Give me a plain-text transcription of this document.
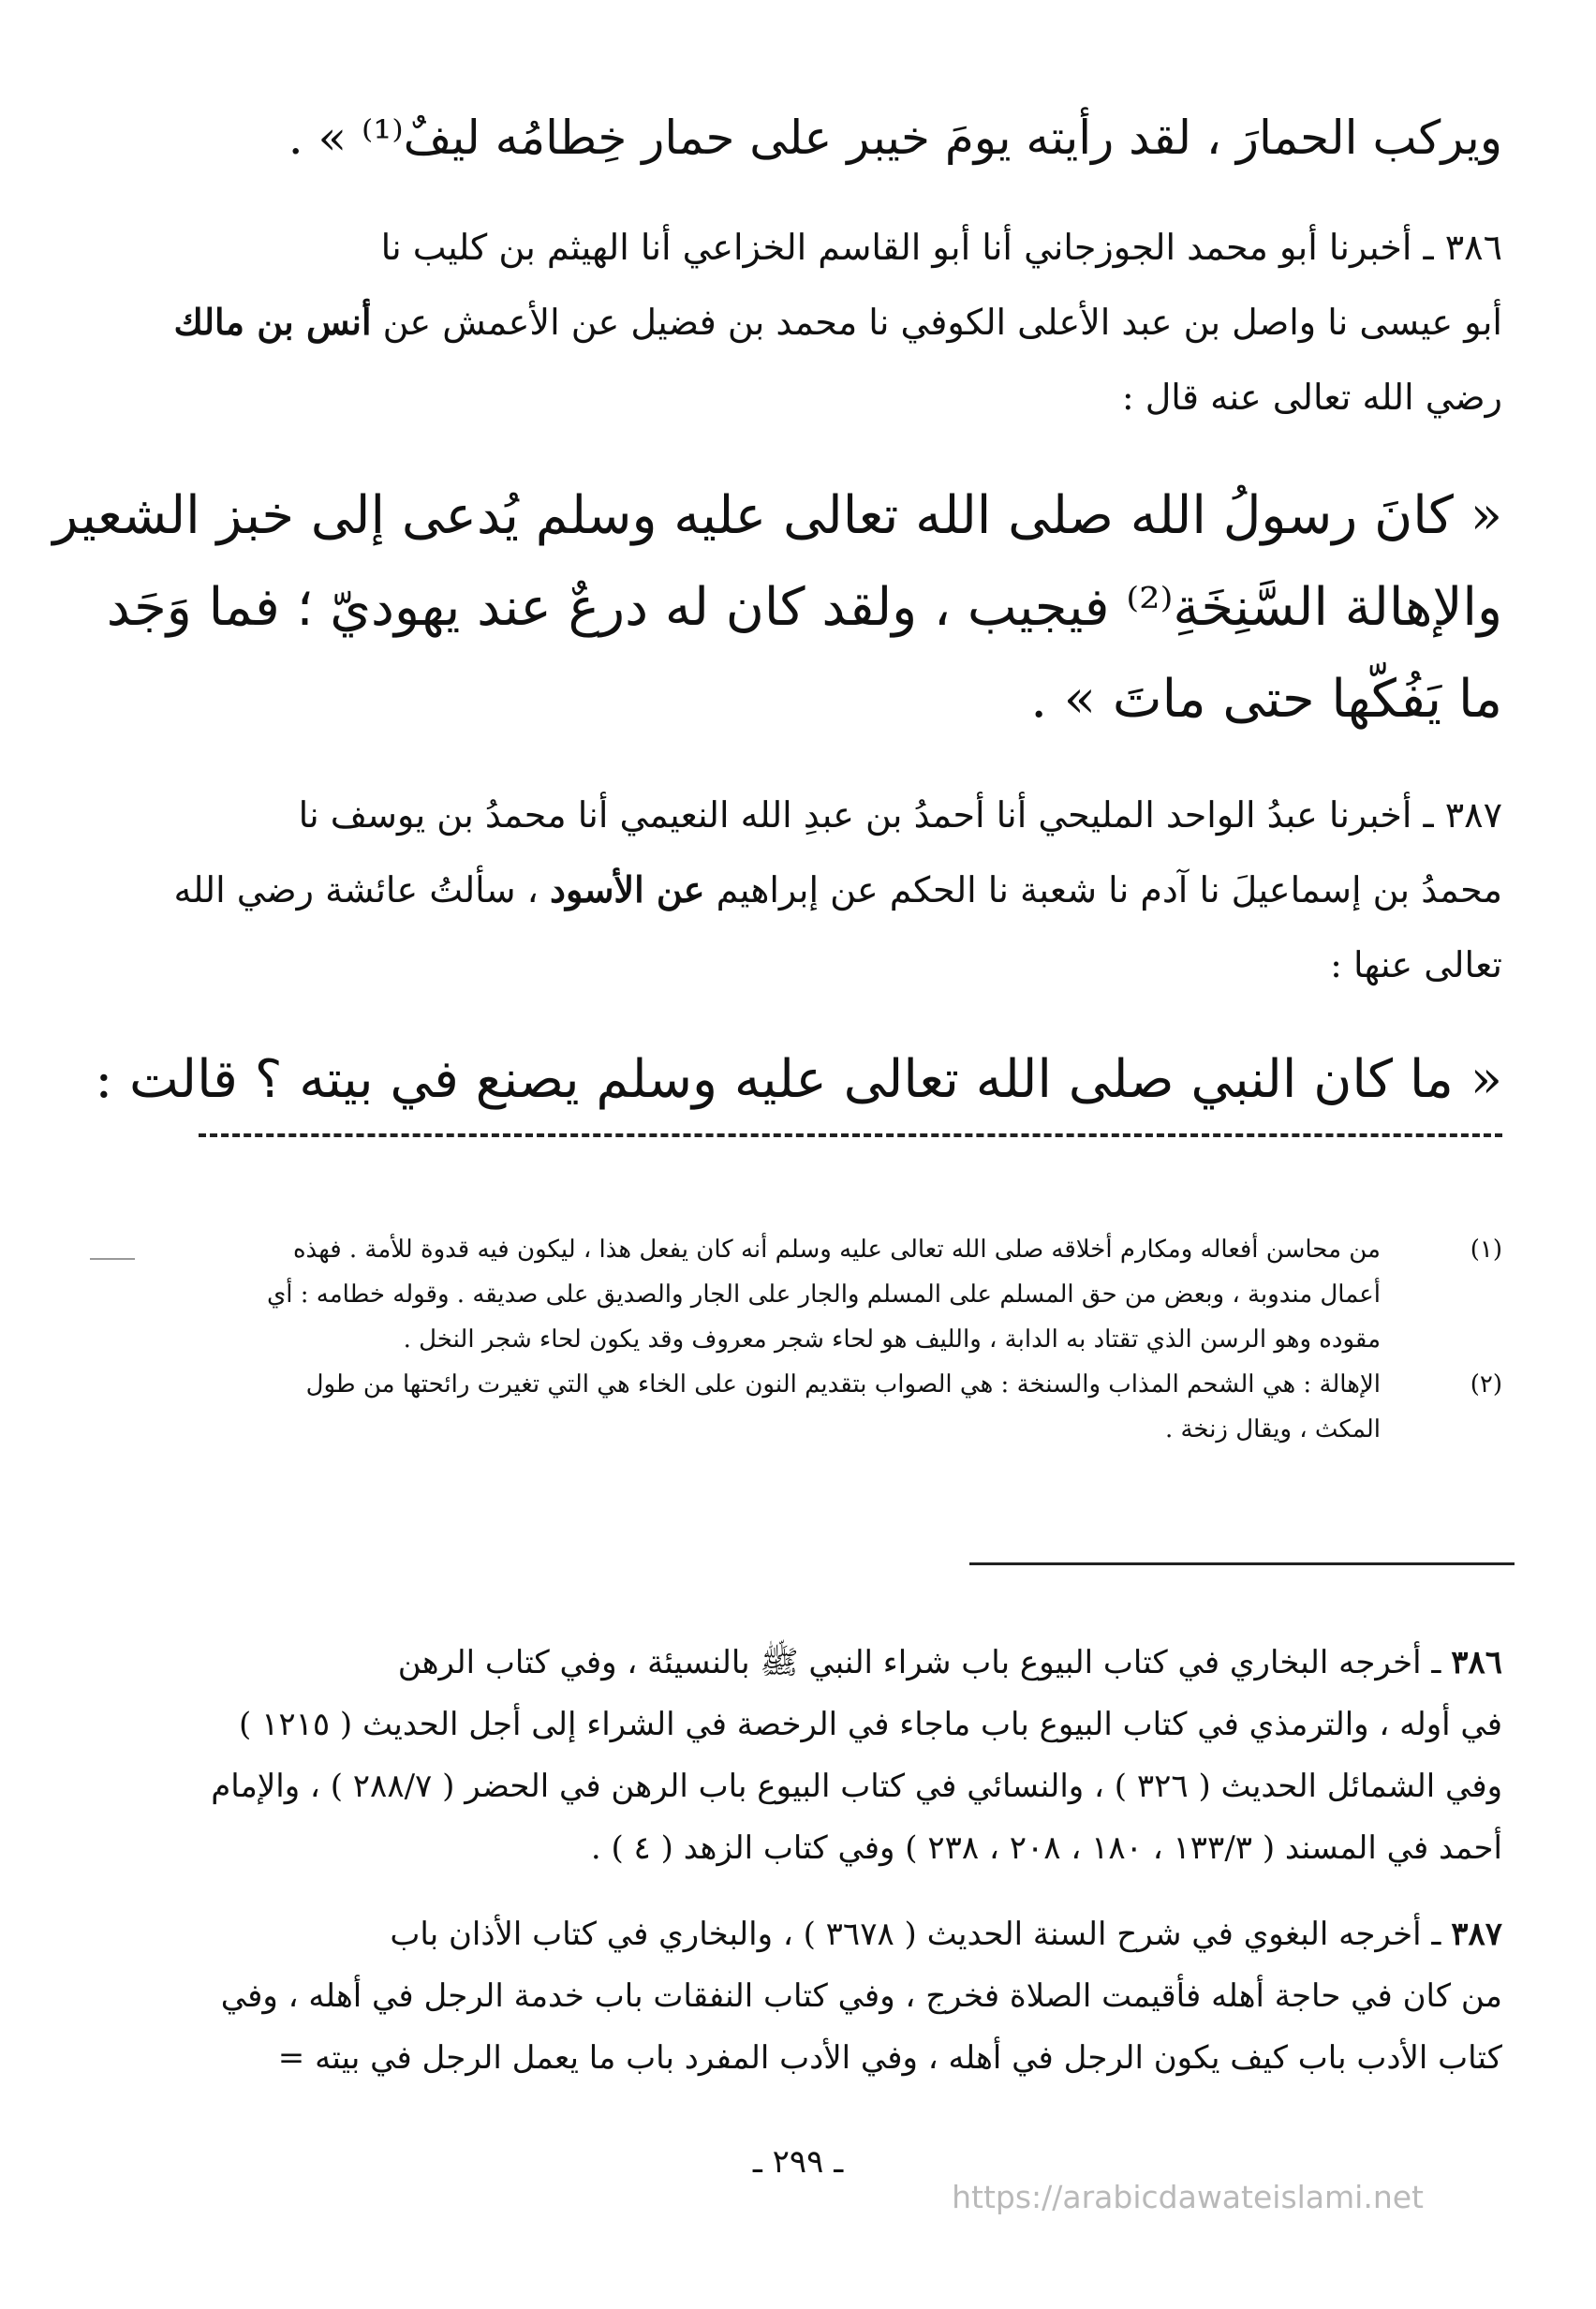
ويركب الحمارَ ، لقد رأيته يومَ خيبر على حمار خِطامُه ليفٌ⁽¹⁾ » .
٣٨٦ ـ أخبرنا أبو محمد الجوزجاني أنا أبو القاسم الخزاعي أنا الهيثم بن كليب نا
أبو عيسى نا واصل بن عبد الأعلى الكوفي نا محمد بن فضيل عن الأعمش عن أنس بن مالك
رضي الله تعالى عنه قال :
« كانَ رسولُ الله صلى الله تعالى عليه وسلم يُدعى إلى خبز الشعير
والإهالة السَّنِخَةِ⁽²⁾ فيجيب ، ولقد كان له درعٌ عند يهوديّ ؛ فما وَجَد
ما يَفُكّها حتى ماتَ » .
٣٨٧ ـ أخبرنا عبدُ الواحد المليحي أنا أحمدُ بن عبدِ الله النعيمي أنا محمدُ بن يوسف نا
محمدُ بن إسماعيلَ نا آدم نا شعبة نا الحكم عن إبراهيم عن الأسود ، سألتُ عائشة رضي الله
تعالى عنها :
« ما كان النبي صلى الله تعالى عليه وسلم يصنع في بيته ؟ قالت :
(١)
من محاسن أفعاله ومكارم أخلاقه صلى الله تعالى عليه وسلم أنه كان يفعل هذا ، ليكون فيه قدوة للأمة . فهذه
أعمال مندوبة ، وبعض من حق المسلم على المسلم والجار على الجار والصديق على صديقه . وقوله خطامه : أي
مقوده وهو الرسن الذي تقتاد به الدابة ، والليف هو لحاء شجر معروف وقد يكون لحاء شجر النخل .
(٢)
الإهالة : هي الشحم المذاب والسنخة : هي الصواب بتقديم النون على الخاء هي التي تغيرت رائحتها من طول
المكث ، ويقال زنخة .
٣٨٦ ـ أخرجه البخاري في كتاب البيوع باب شراء النبي ﷺ بالنسيئة ، وفي كتاب الرهن
في أوله ، والترمذي في كتاب البيوع باب ماجاء في الرخصة في الشراء إلى أجل الحديث ( ١٢١٥ )
وفي الشمائل الحديث ( ٣٢٦ ) ، والنسائي في كتاب البيوع باب الرهن في الحضر ( ٢٨٨/٧ ) ، والإمام
أحمد في المسند ( ١٣٣/٣ ، ١٨٠ ، ٢٠٨ ، ٢٣٨ ) وفي كتاب الزهد ( ٤ ) .
٣٨٧ ـ أخرجه البغوي في شرح السنة الحديث ( ٣٦٧٨ ) ، والبخاري في كتاب الأذان باب
من كان في حاجة أهله فأقيمت الصلاة فخرج ، وفي كتاب النفقات باب خدمة الرجل في أهله ، وفي
كتاب الأدب باب كيف يكون الرجل في أهله ، وفي الأدب المفرد باب ما يعمل الرجل في بيته =
ـ ٢٩٩ ـ
https://arabicdawateislami.net
